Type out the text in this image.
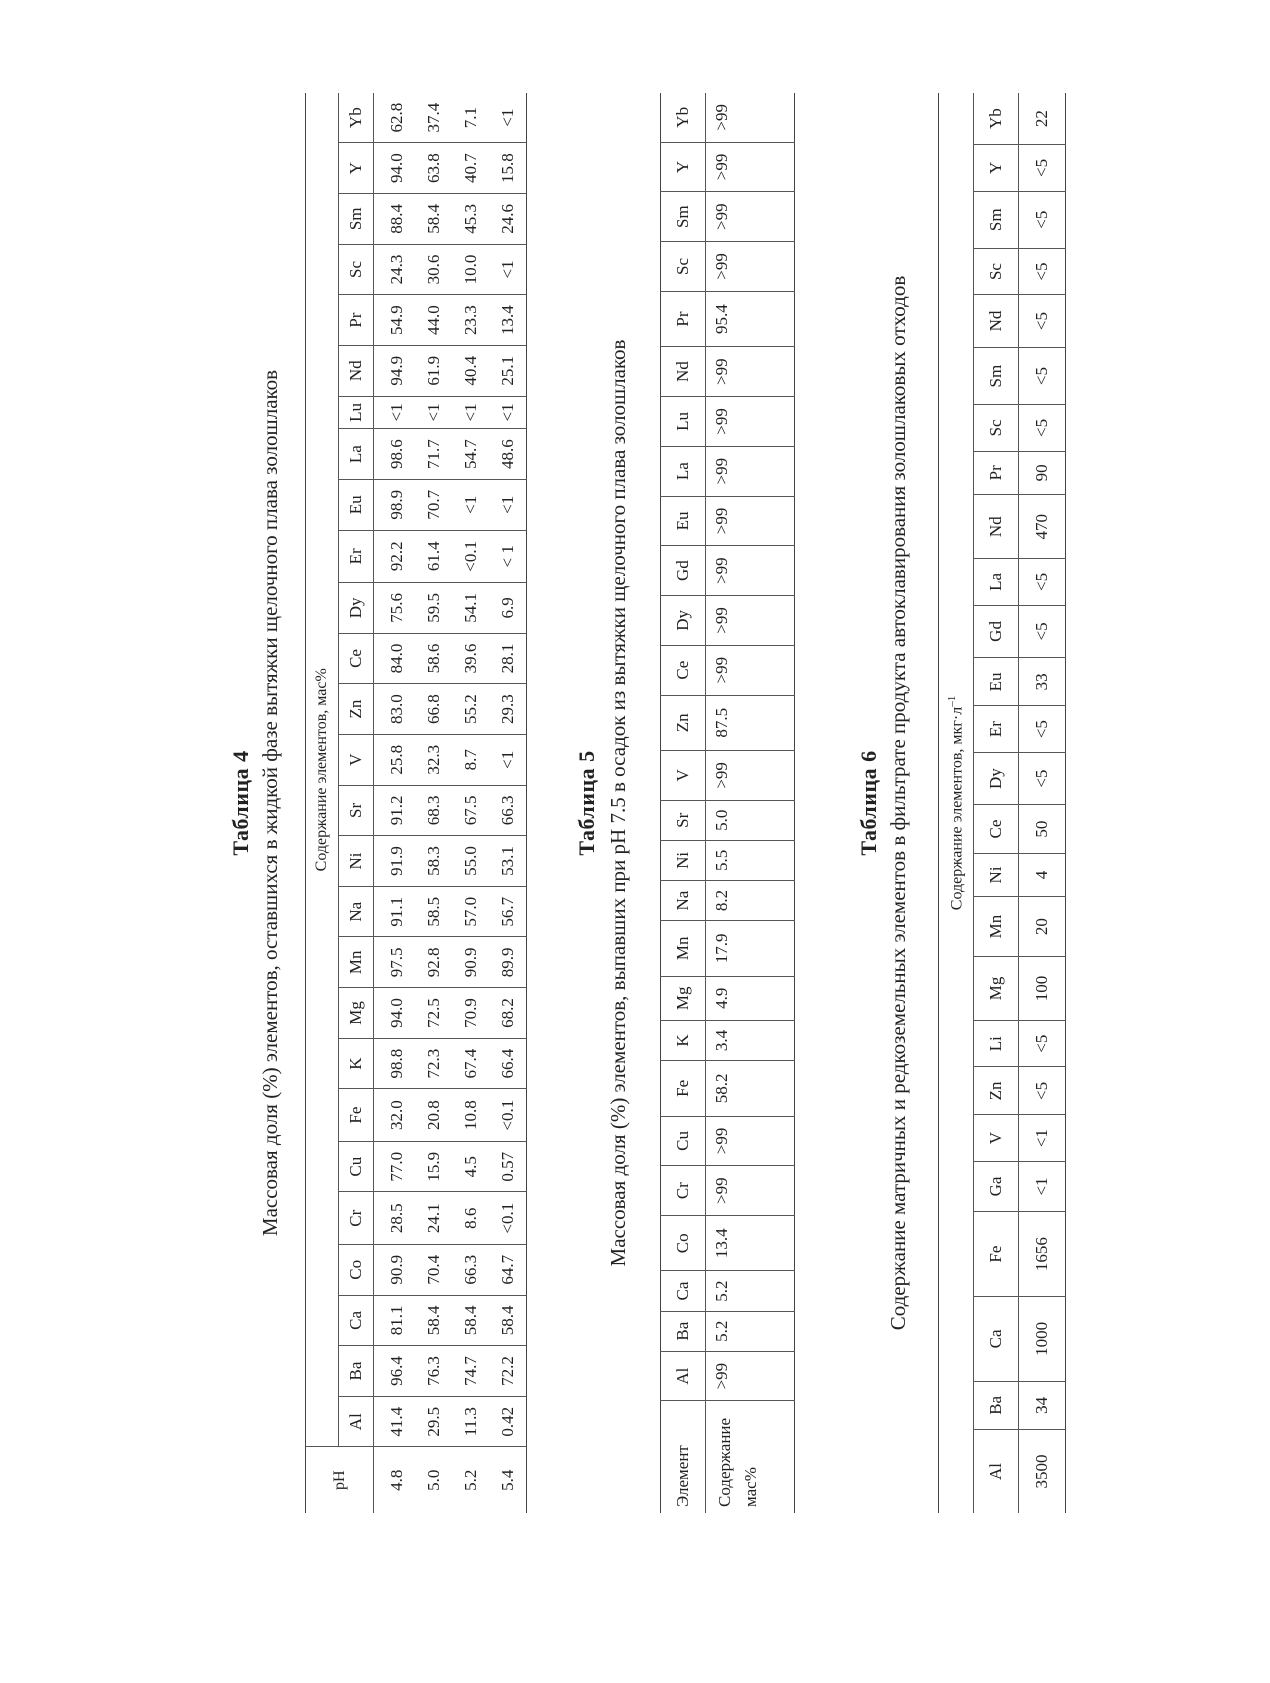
Таблица 4 Массовая доля (%) элементов, оставшихся в жидкой фазе вытяжки щелочного плава золошлаков
pH	Содержание элементов, мас%																										
	Al	Ba	Ca	Co	Cr	Cu	Fe	K	Mg	Mn	Na	Ni	Sr	V	Zn	Ce	Dy	Er	Eu	La	Lu	Nd	Pr	Sc	Sm	Y	Yb
4.8	41.4	96.4	81.1	90.9	28.5	77.0	32.0	98.8	94.0	97.5	91.1	91.9	91.2	25.8	83.0	84.0	75.6	92.2	98.9	98.6	<1	94.9	54.9	24.3	88.4	94.0	62.8
5.0	29.5	76.3	58.4	70.4	24.1	15.9	20.8	72.3	72.5	92.8	58.5	58.3	68.3	32.3	66.8	58.6	59.5	61.4	70.7	71.7	<1	61.9	44.0	30.6	58.4	63.8	37.4
5.2	11.3	74.7	58.4	66.3	8.6	4.5	10.8	67.4	70.9	90.9	57.0	55.0	67.5	8.7	55.2	39.6	54.1	<0.1	<1	54.7	<1	40.4	23.3	10.0	45.3	40.7	7.1
5.4	0.42	72.2	58.4	64.7	<0.1	0.57	<0.1	66.4	68.2	89.9	56.7	53.1	66.3	<1	29.3	28.1	6.9	< 1	<1	48.6	<1	25.1	13.4	<1	24.6	15.8	<1
Таблица 5 Массовая доля (%) элементов, выпавших при pH 7.5 в осадок из вытяжки щелочного плава золошлаков
Элемент	Al	Ba	Ca	Co	Cr	Cu	Fe	K	Mg	Mn	Na	Ni	Sr	V	Zn	Ce	Dy	Gd	Eu	La	Lu	Nd	Pr	Sc	Sm	Y	Yb
Содержание мас%	>99	5.2	5.2	13.4	>99	>99	58.2	3.4	4.9	17.9	8.2	5.5	5.0	>99	87.5	>99	>99	>99	>99	>99	>99	>99	95.4	>99	>99	>99	>99
Таблица 6 Содержание матричных и редкоземельных элементов в фильтрате продукта автоклавирования золошлаковых отходов Содержание элементов, $мкг\cdot л^{-1}$
Al	Ba	Ca	Fe	Ga	V	Zn	Li	Mg	Mn	Ni	Ce	Dy	Er	Eu	Gd	La	Nd	Pr	Sc	Sm	Nd	Sc	Sm	Y	Yb
3500	34	1000	1656	<1	<1	<5	<5	100	20	4	50	<5	<5	33	<5	<5	470	90	<5	<5	<5	<5	<5	<5	22
